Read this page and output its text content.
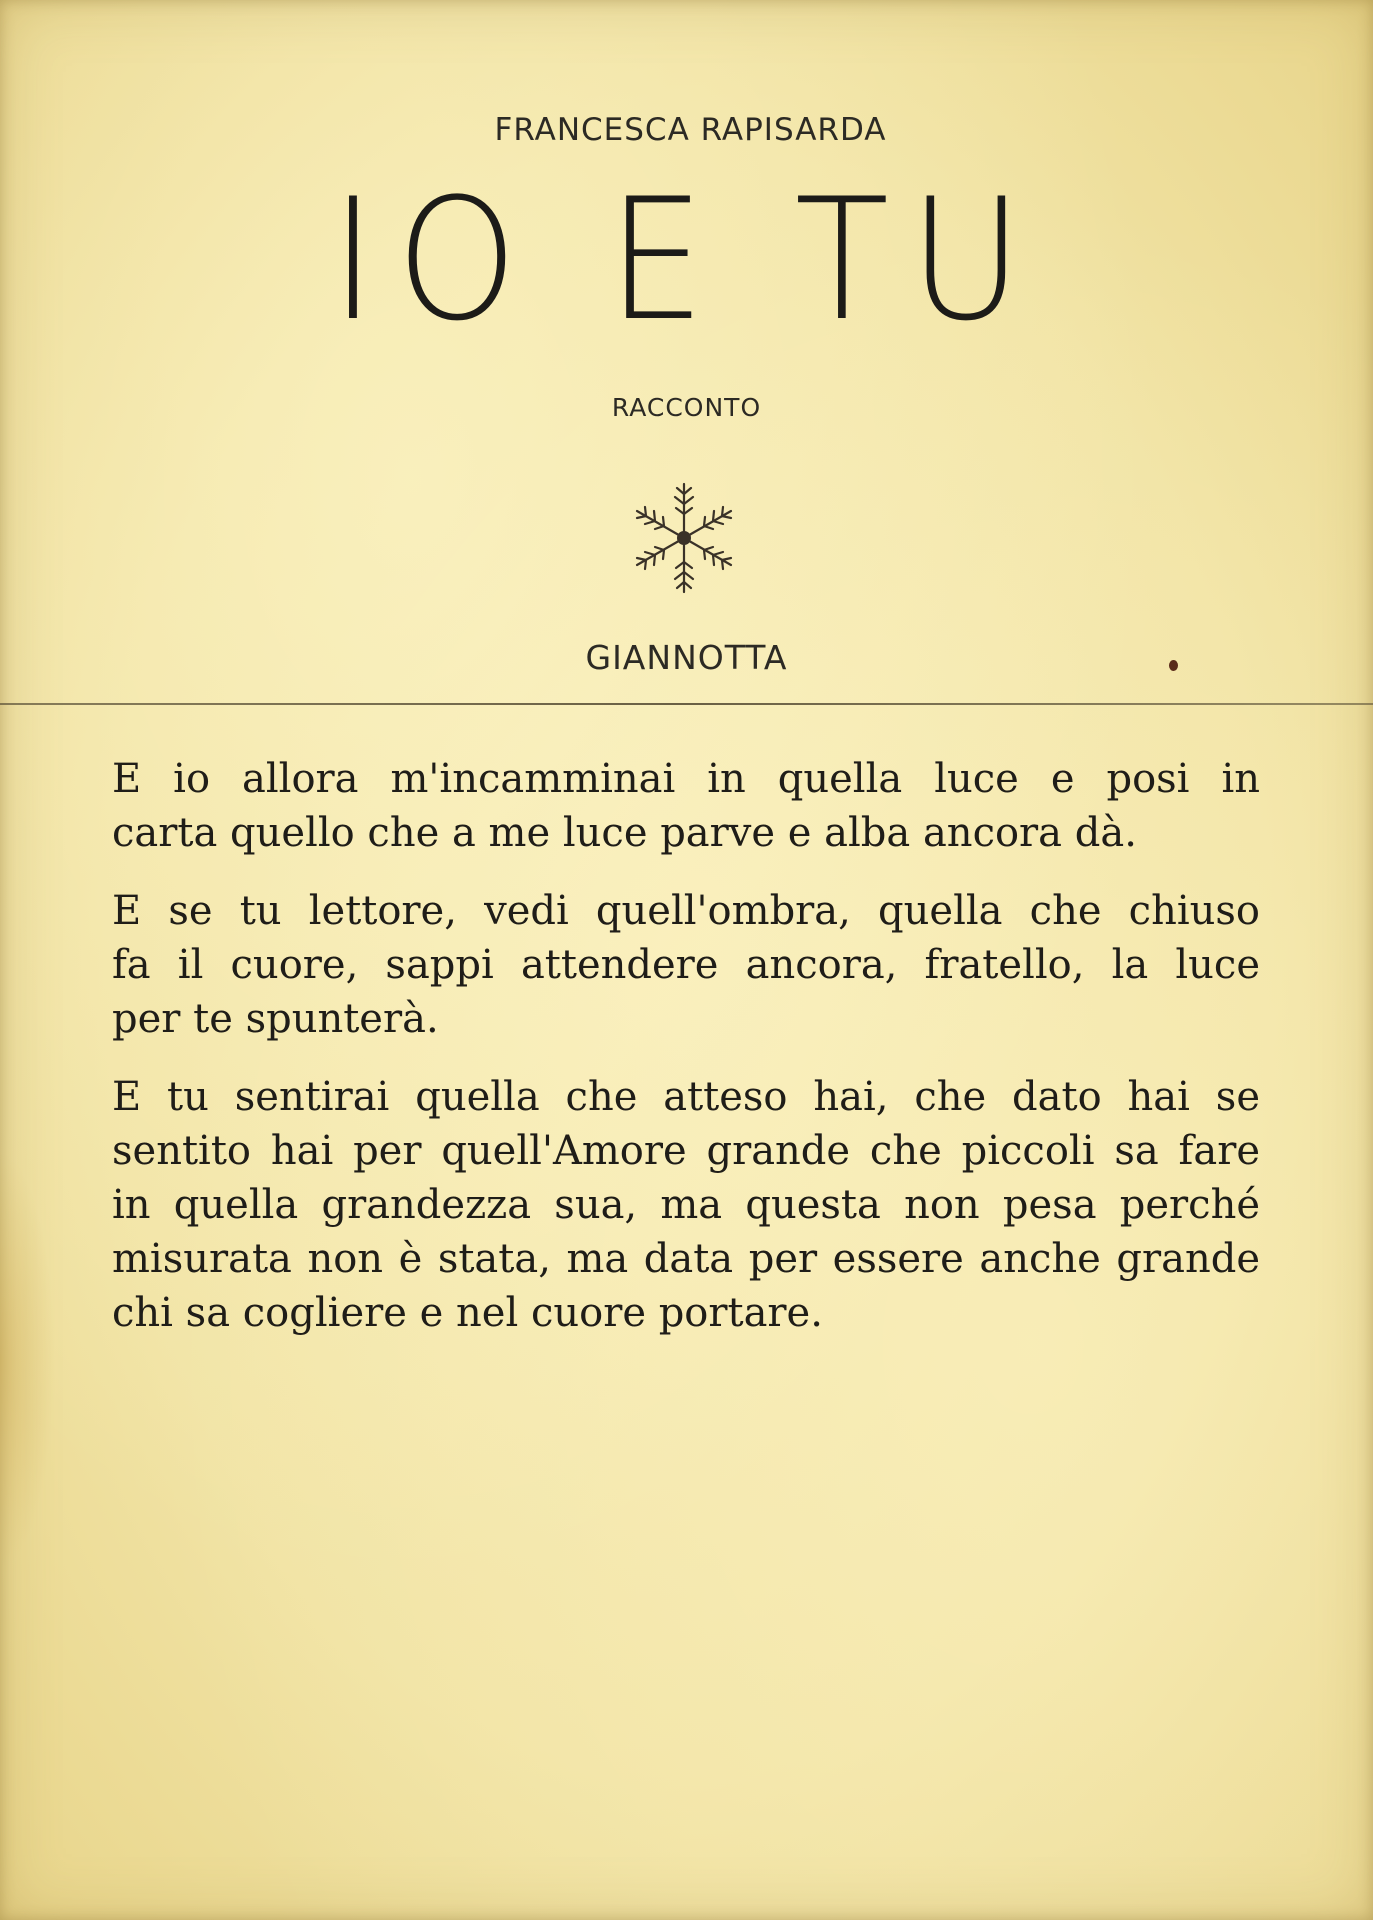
FRANCESCA RAPISARDA
IO E TU
RACCONTO
GIANNOTTA

E io allora m'incamminai in quella luce e posi in
carta quello che a me luce parve e alba ancora dà.

E se tu lettore, vedi quell'ombra, quella che chiuso
fa il cuore, sappi attendere ancora, fratello, la luce
per te spunterà.

E tu sentirai quella che atteso hai, che dato hai se
sentito hai per quell'Amore grande che piccoli sa fare
in quella grandezza sua, ma questa non pesa perché
misurata non è stata, ma data per essere anche grande
chi sa cogliere e nel cuore portare.
